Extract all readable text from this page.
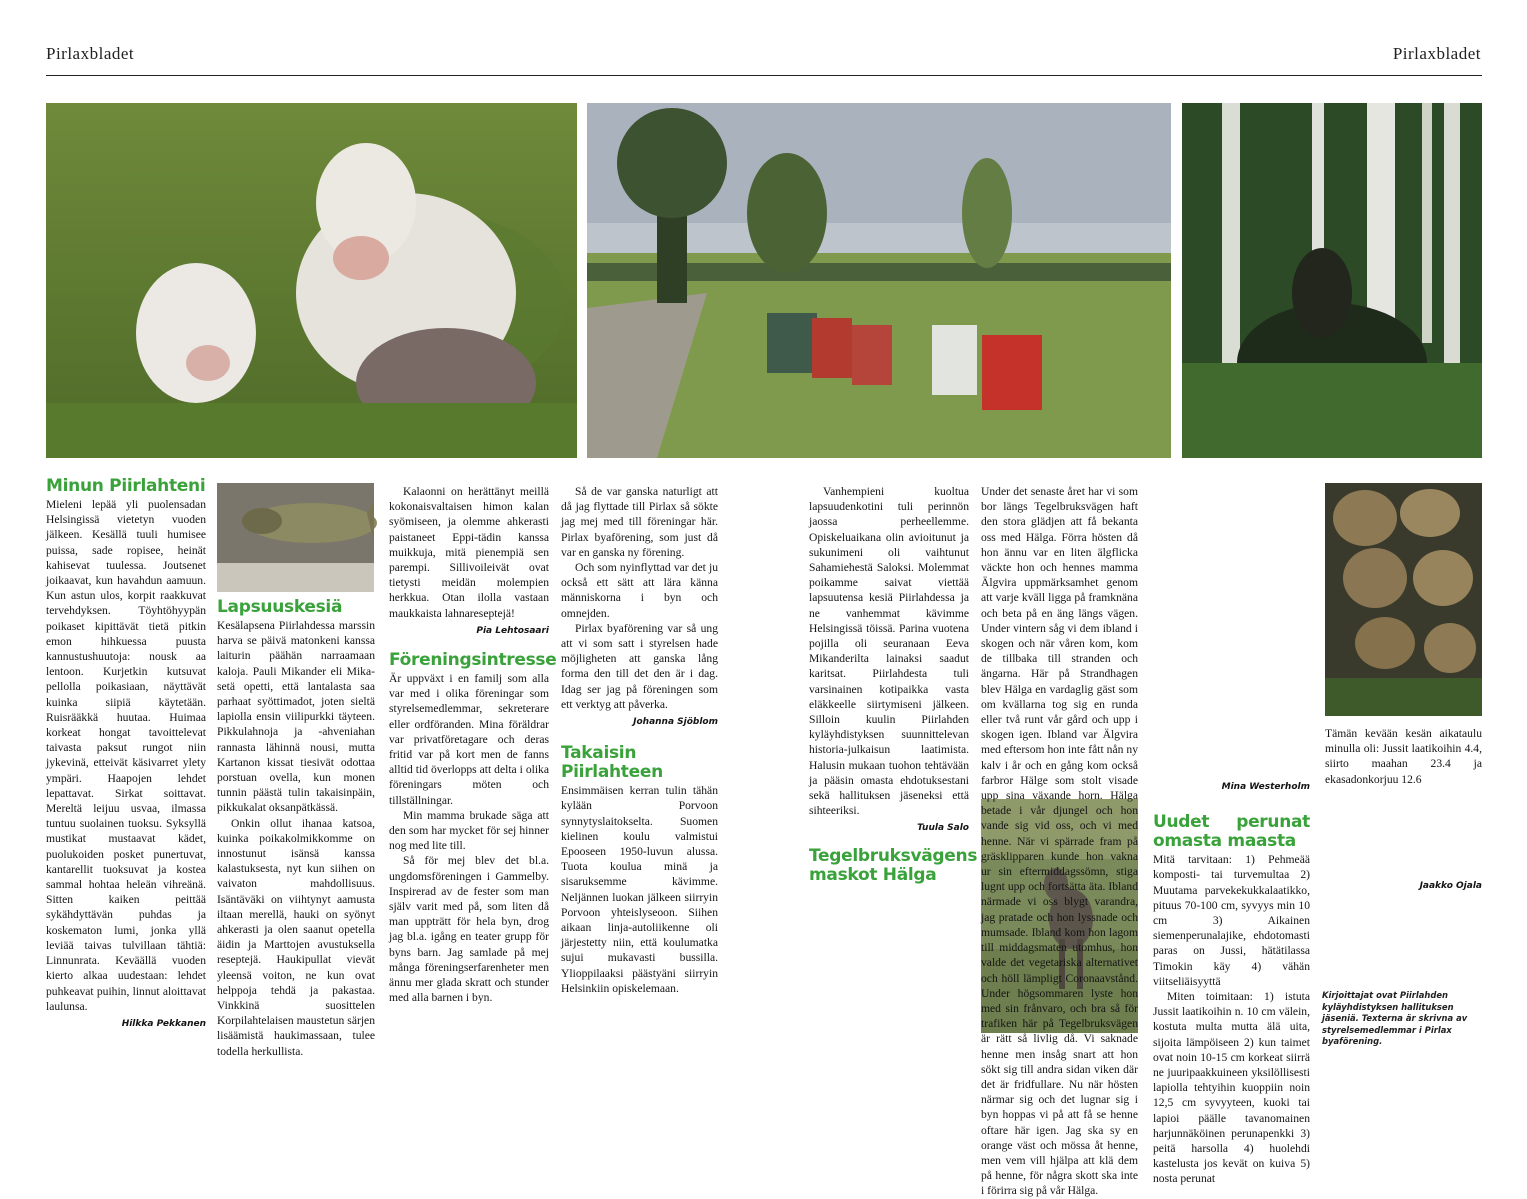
Pirlaxbladet	Pirlaxbladet
Minun Piirlahteni

Mieleni lepää yli puolensadan Helsingissä vietetyn vuoden jälkeen. Kesällä tuuli humisee puissa, sade ropisee, heinät kahisevat tuulessa. Joutsenet joikaavat, kun havahdun aamuun. Kun astun ulos, korpit raakkuvat tervehdyksen. Töyhtöhyypän poikaset kipittävät tietä pitkin emon hihkuessa puusta kannustushuutoja: nousk aa lentoon. Kurjetkin kutsuvat pellolla poikasiaan, näyttävät kuinka siipiä käytetään. Ruisrääkkä huutaa. Huimaa korkeat hongat tavoittelevat taivasta paksut rungot niin jykevinä, etteivät käsivarret ylety ympäri. Haapojen lehdet lepattavat. Sirkat soittavat. Mereltä leijuu usvaa, ilmassa tuntuu suolainen tuoksu. Syksyllä mustikat mustaavat kädet, puolukoiden posket punertuvat, kantarellit tuoksuvat ja kostea sammal hohtaa heleän vihreänä. Sitten kaiken peittää sykähdyttävän puhdas ja koskematon lumi, jonka yllä leviää taivas tulvillaan tähtiä: Linnunrata. Keväällä vuoden kierto alkaa uudestaan: lehdet puhkeavat puihin, linnut aloittavat laulunsa.

Hilkka Pekkanen
Lapsuuskesiä

Kesälapsena Piirlahdessa marssin harva se päivä matonkeni kanssa laiturin päähän narraamaan kaloja. Pauli Mikander eli Mika-setä opetti, että lantalasta saa parhaat syöttimadot, joten sieltä lapiolla ensin viilipurkki täyteen. Pikkulahnoja ja -ahveniahan rannasta lähinnä nousi, mutta Kartanon kissat tiesivät odottaa porstuan ovella, kun monen tunnin päästä tulin takaisinpäin, pikkukalat oksanpätkässä.

Onkin ollut ihanaa katsoa, kuinka poikakolmikkomme on innostunut isänsä kanssa kalastuksesta, nyt kun siihen on vaivaton mahdollisuus. Isäntäväki on viihtynyt aamusta iltaan merellä, hauki on syönyt ahkerasti ja olen saanut opetella äidin ja Marttojen avustuksella reseptejä. Haukipullat vievät yleensä voiton, ne kun ovat helppoja tehdä ja pakastaa. Vinkkinä suosittelen Korpilahtelaisen maustetun särjen lisäämistä haukimassaan, tulee todella herkullista.

Kalaonni on herättänyt meillä kokonaisvaltaisen himon kalan syömiseen, ja olemme ahkerasti paistaneet Eppi-tädin kanssa muikkuja, mitä pienempiä sen parempi. Sillivoileivät ovat tietysti meidän molempien herkkua. Otan ilolla vastaan maukkaista lahnareseptejä!

Pia Lehtosaari
Föreningsintresse

Är uppväxt i en familj som alla var med i olika föreningar som styrelsemedlemmar, sekreterare eller ordföranden. Mina föräldrar var privatföretagare och deras fritid var på kort men de fanns alltid tid överlopps att delta i olika föreningars möten och tillställningar.

Min mamma brukade säga att den som har mycket för sej hinner nog med lite till.

Så för mej blev det bl.a. ungdomsföreningen i Gammelby. Inspirerad av de fester som man själv varit med på, som liten då man uppträtt för hela byn, drog jag bl.a. igång en teater grupp för byns barn. Jag samlade på mej många föreningserfarenheter men ännu mer glada skratt och stunder med alla barnen i byn.

Så de var ganska naturligt att då jag flyttade till Pirlax så sökte jag mej med till föreningar här. Pirlax byaförening, som just då var en ganska ny förening.

Och som nyinflyttad var det ju också ett sätt att lära känna människorna i byn och omnejden.

Pirlax byaförening var så ung att vi som satt i styrelsen hade möjligheten att ganska lång forma den till det den är i dag. Idag ser jag på föreningen som ett verktyg att påverka.

Johanna Sjöblom
Takaisin Piirlahteen

Ensimmäisen kerran tulin tähän kylään Porvoon synnytyslaitokselta. Suomen kielinen koulu valmistui Epooseen 1950-luvun alussa. Tuota koulua minä ja sisaruksemme kävimme. Neljännen luokan jälkeen siirryin Porvoon yhteislyseoon. Siihen aikaan linja-autoliikenne oli järjestetty niin, että koulumatka sujui mukavasti bussilla. Ylioppilaaksi päästyäni siirryin Helsinkiin opiskelemaan.

Vanhempieni kuoltua lapsuudenkotini tuli perinnön jaossa perheellemme. Opiskeluaikana olin avioitunut ja sukunimeni oli vaihtunut Sahamiehestä Saloksi. Molemmat poikamme saivat viettää lapsuutensa kesiä Piirlahdessa ja ne vanhemmat kävimme Helsingissä töissä. Parina vuotena pojilla oli seuranaan Eeva Mikanderilta lainaksi saadut karitsat. Piirlahdesta tuli varsinainen kotipaikka vasta eläkkeelle siirtymiseni jälkeen. Silloin kuulin Piirlahden kyläyhdistyksen suunnittelevan historia-julkaisun laatimista. Halusin mukaan tuohon tehtävään ja pääsin omasta ehdotuksestani sekä hallituksen jäseneksi että sihteeriksi.

Tuula Salo
Tegelbruksvägens maskot Hälga

Under det senaste året har vi som bor längs Tegelbruksvägen haft den stora glädjen att få bekanta oss med Hälga. Förra hösten då hon ännu var en liten älgflicka väckte hon och hennes mamma Älgvira uppmärksamhet genom att varje kväll ligga på framknäna och beta på en äng längs vägen. Under vintern såg vi dem ibland i skogen och när våren kom, kom de tillbaka till stranden och ängarna. Här på Strandhagen blev Hälga en vardaglig gäst som om kvällarna tog sig en runda eller två runt vår gård och upp i skogen igen. Ibland var Älgvira med eftersom hon inte fått nån ny kalv i år och en gång kom också farbror Hälge som stolt visade upp sina växande horn. Hälga betade i vår djungel och hon vande sig vid oss, och vi med henne. När vi spärrade fram på gräsklipparen kunde hon vakna ur sin eftermiddagssömn, stiga lugnt upp och fortsätta äta. Ibland närmade vi oss blygt varandra, jag pratade och hon lyssnade och mumsade. Ibland kom hon lagom till middagsmaten utomhus, hon valde det vegetariska alternativet och höll lämpligt Coronaavstånd. Under högsommaren lyste hon med sin frånvaro, och bra så för trafiken här på Tegelbruksvägen är rätt så livlig då. Vi saknade henne men insåg snart att hon sökt sig till andra sidan viken där det är fridfullare. Nu när hösten närmar sig och det lugnar sig i byn hoppas vi på att få se henne oftare här igen. Jag ska sy en orange väst och mössa åt henne, men vem vill hjälpa att klä dem på henne, för några skott ska inte i förirra sig på vår Hälga.

Mina Westerholm
Uudet perunat omasta maasta

Mitä tarvitaan: 1) Pehmeää komposti- tai turvemultaa 2) Muutama parvekekukkalaatikko, pituus 70-100 cm, syvyys min 10 cm 3) Aikainen siemenperunalajike, ehdotomasti paras on Jussi, hätätilassa Timokin käy 4) vähän viitseliäisyyttä

Miten toimitaan: 1) istuta Jussit laatikoihin n. 10 cm välein, kostuta multa mutta älä uita, sijoita lämpöiseen 2) kun taimet ovat noin 10-15 cm korkeat siirrä ne juuripaakkuineen yksilöllisesti lapiolla tehtyihin kuoppiin noin 12,5 cm syvyyteen, kuoki tai lapioi päälle tavanomainen harjunnäköinen perunapenkki 3) peitä harsolla 4) huolehdi kastelusta jos kevät on kuiva 5) nosta perunat

Tämän kevään kesän aikataulu minulla oli: Jussit laatikoihin 4.4, siirto maahan 23.4 ja ekasadonkorjuu 12.6

Jaakko Ojala
Kirjoittajat ovat Piirlahden kyläyhdistyksen hallituksen jäseniä. Texterna är skrivna av styrelsemedlemmar i Pirlax byaförening.
